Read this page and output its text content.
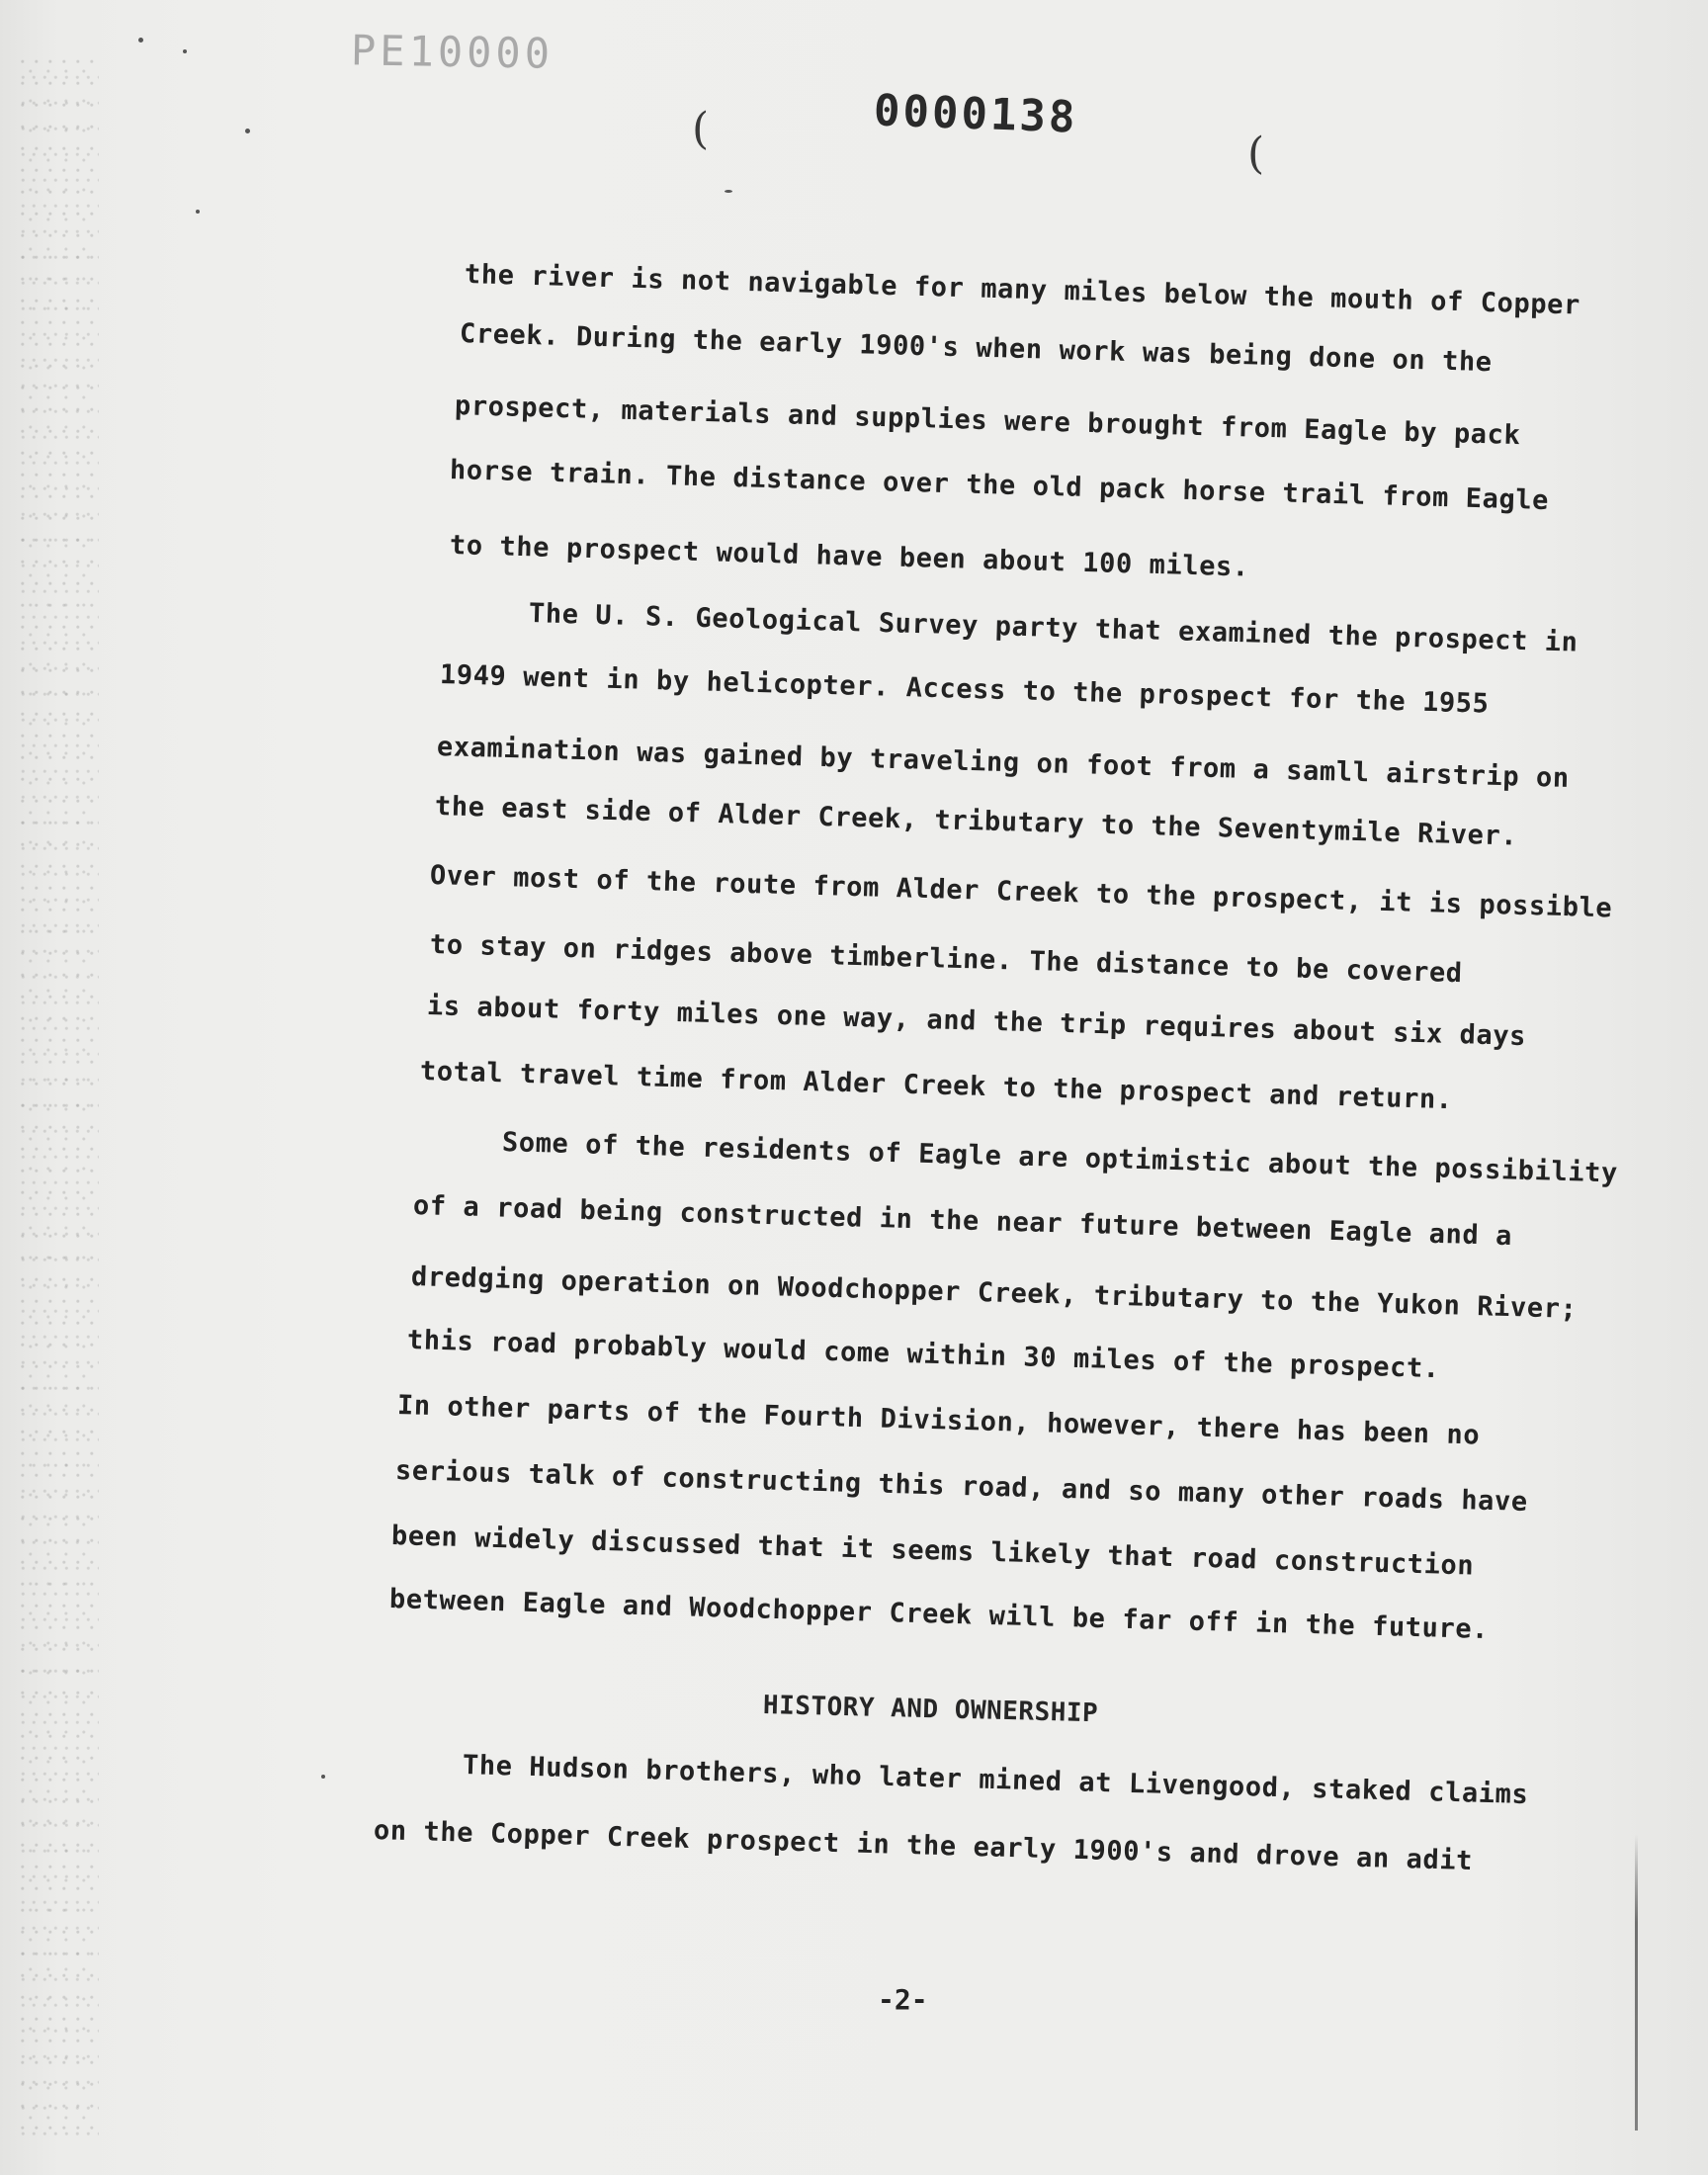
PE10000
0000138
(	(
the river is not navigable for many miles below the mouth of Copper
Creek. During the early 1900's when work was being done on the
prospect, materials and supplies were brought from Eagle by pack
horse train. The distance over the old pack horse trail from Eagle
to the prospect would have been about 100 miles.
The U. S. Geological Survey party that examined the prospect in
1949 went in by helicopter. Access to the prospect for the 1955
examination was gained by traveling on foot from a samll airstrip on
the east side of Alder Creek, tributary to the Seventymile River.
Over most of the route from Alder Creek to the prospect, it is possible
to stay on ridges above timberline. The distance to be covered
is about forty miles one way, and the trip requires about six days
total travel time from Alder Creek to the prospect and return.
Some of the residents of Eagle are optimistic about the possibility
of a road being constructed in the near future between Eagle and a
dredging operation on Woodchopper Creek, tributary to the Yukon River;
this road probably would come within 30 miles of the prospect.
In other parts of the Fourth Division, however, there has been no
serious talk of constructing this road, and so many other roads have
been widely discussed that it seems likely that road construction
between Eagle and Woodchopper Creek will be far off in the future.
HISTORY AND OWNERSHIP
The Hudson brothers, who later mined at Livengood, staked claims
on the Copper Creek prospect in the early 1900's and drove an adit
-2-
